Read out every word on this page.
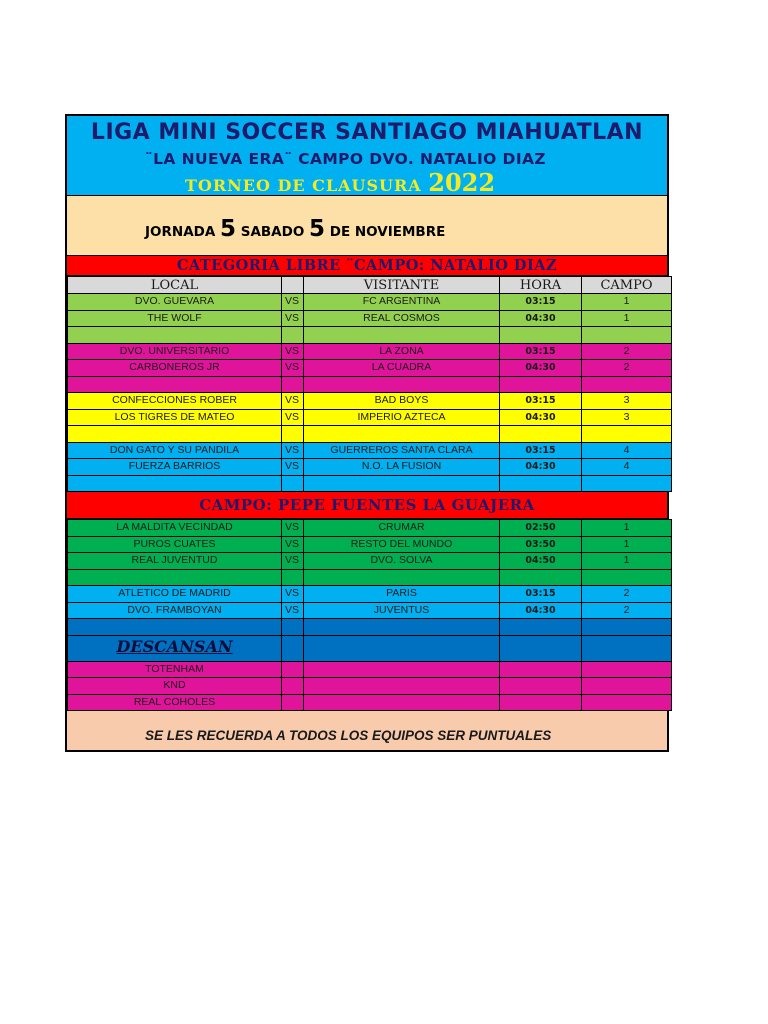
LIGA MINI SOCCER SANTIAGO MIAHUATLAN
¨LA NUEVA ERA¨ CAMPO DVO. NATALIO DIAZ
TORNEO DE CLAUSURA 2022
JORNADA 5 SABADO 5 DE NOVIEMBRE
CATEGORIA LIBRE ¨CAMPO: NATALIO DIAZ
LOCAL		VISITANTE	HORA	CAMPO
DVO. GUEVARA	VS	FC ARGENTINA	03:15	1
THE WOLF	VS	REAL COSMOS	04:30	1

DVO. UNIVERSITARIO	VS	LA ZONA	03:15	2
CARBONEROS JR	VS	LA CUADRA	04:30	2

CONFECCIONES ROBER	VS	BAD BOYS	03:15	3
LOS TIGRES DE MATEO	VS	IMPERIO AZTECA	04:30	3

DON GATO Y SU PANDILA	VS	GUERREROS SANTA CLARA	03:15	4
FUERZA BARRIOS	VS	N.O. LA FUSION	04:30	4

CAMPO: PEPE FUENTES LA GUAJERA
LA MALDITA VECINDAD	VS	CRUMAR	02:50	1
PUROS CUATES	VS	RESTO DEL MUNDO	03:50	1
REAL JUVENTUD	VS	DVO. SOLVA	04:50	1

ATLETICO DE MADRID	VS	PARIS	03:15	2
DVO. FRAMBOYAN	VS	JUVENTUS	04:30	2

DESCANSAN				
TOTENHAM				
KND				
REAL COHOLES				
SE LES RECUERDA A TODOS LOS EQUIPOS SER PUNTUALES
